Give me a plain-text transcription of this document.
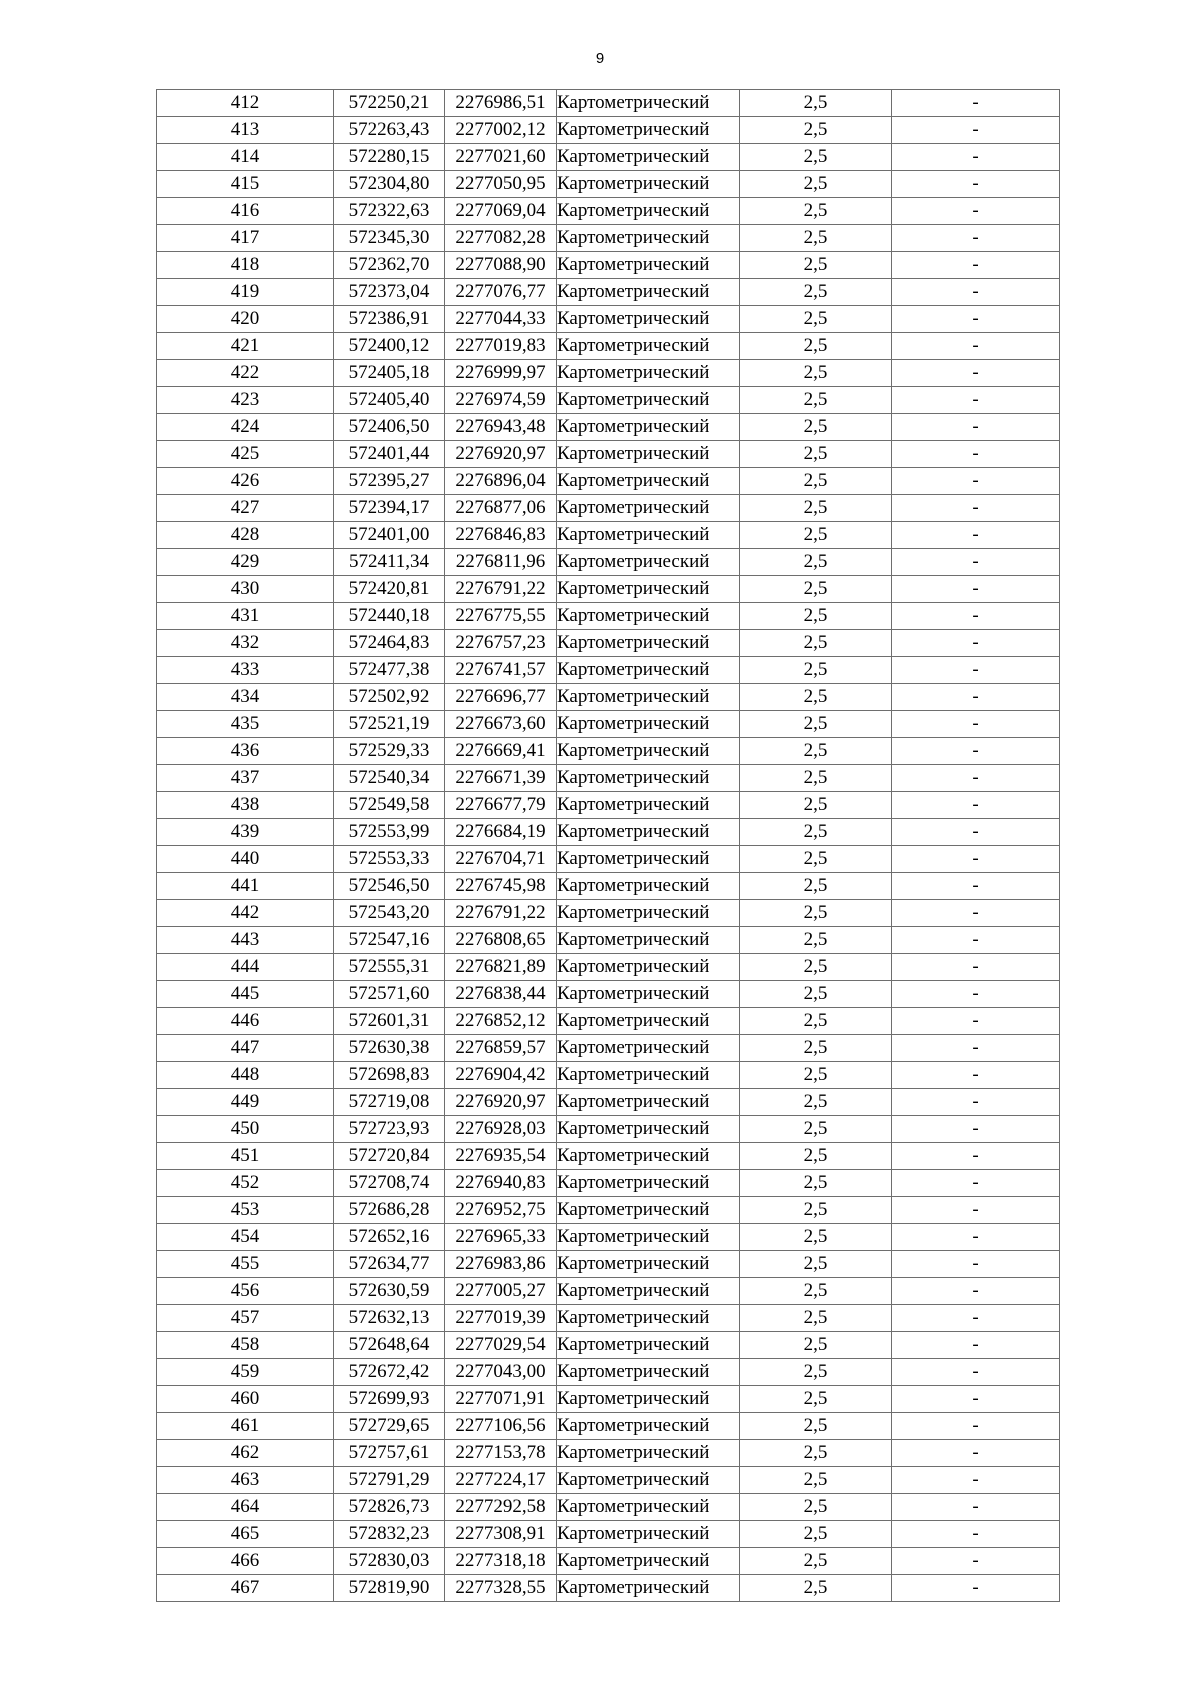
9
412	572250,21	2276986,51	Картометрический	2,5	-
413	572263,43	2277002,12	Картометрический	2,5	-
414	572280,15	2277021,60	Картометрический	2,5	-
415	572304,80	2277050,95	Картометрический	2,5	-
416	572322,63	2277069,04	Картометрический	2,5	-
417	572345,30	2277082,28	Картометрический	2,5	-
418	572362,70	2277088,90	Картометрический	2,5	-
419	572373,04	2277076,77	Картометрический	2,5	-
420	572386,91	2277044,33	Картометрический	2,5	-
421	572400,12	2277019,83	Картометрический	2,5	-
422	572405,18	2276999,97	Картометрический	2,5	-
423	572405,40	2276974,59	Картометрический	2,5	-
424	572406,50	2276943,48	Картометрический	2,5	-
425	572401,44	2276920,97	Картометрический	2,5	-
426	572395,27	2276896,04	Картометрический	2,5	-
427	572394,17	2276877,06	Картометрический	2,5	-
428	572401,00	2276846,83	Картометрический	2,5	-
429	572411,34	2276811,96	Картометрический	2,5	-
430	572420,81	2276791,22	Картометрический	2,5	-
431	572440,18	2276775,55	Картометрический	2,5	-
432	572464,83	2276757,23	Картометрический	2,5	-
433	572477,38	2276741,57	Картометрический	2,5	-
434	572502,92	2276696,77	Картометрический	2,5	-
435	572521,19	2276673,60	Картометрический	2,5	-
436	572529,33	2276669,41	Картометрический	2,5	-
437	572540,34	2276671,39	Картометрический	2,5	-
438	572549,58	2276677,79	Картометрический	2,5	-
439	572553,99	2276684,19	Картометрический	2,5	-
440	572553,33	2276704,71	Картометрический	2,5	-
441	572546,50	2276745,98	Картометрический	2,5	-
442	572543,20	2276791,22	Картометрический	2,5	-
443	572547,16	2276808,65	Картометрический	2,5	-
444	572555,31	2276821,89	Картометрический	2,5	-
445	572571,60	2276838,44	Картометрический	2,5	-
446	572601,31	2276852,12	Картометрический	2,5	-
447	572630,38	2276859,57	Картометрический	2,5	-
448	572698,83	2276904,42	Картометрический	2,5	-
449	572719,08	2276920,97	Картометрический	2,5	-
450	572723,93	2276928,03	Картометрический	2,5	-
451	572720,84	2276935,54	Картометрический	2,5	-
452	572708,74	2276940,83	Картометрический	2,5	-
453	572686,28	2276952,75	Картометрический	2,5	-
454	572652,16	2276965,33	Картометрический	2,5	-
455	572634,77	2276983,86	Картометрический	2,5	-
456	572630,59	2277005,27	Картометрический	2,5	-
457	572632,13	2277019,39	Картометрический	2,5	-
458	572648,64	2277029,54	Картометрический	2,5	-
459	572672,42	2277043,00	Картометрический	2,5	-
460	572699,93	2277071,91	Картометрический	2,5	-
461	572729,65	2277106,56	Картометрический	2,5	-
462	572757,61	2277153,78	Картометрический	2,5	-
463	572791,29	2277224,17	Картометрический	2,5	-
464	572826,73	2277292,58	Картометрический	2,5	-
465	572832,23	2277308,91	Картометрический	2,5	-
466	572830,03	2277318,18	Картометрический	2,5	-
467	572819,90	2277328,55	Картометрический	2,5	-
